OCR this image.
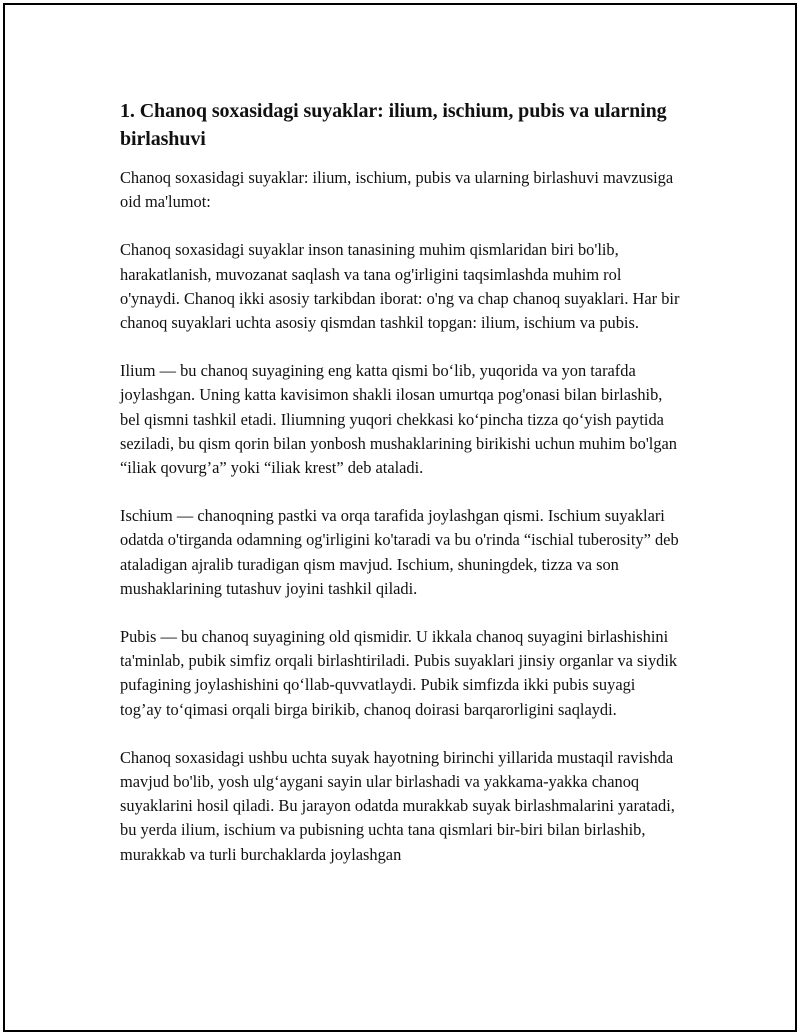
1. Chanoq soxasidagi suyaklar: ilium, ischium, pubis va ularning birlashuvi

Chanoq soxasidagi suyaklar: ilium, ischium, pubis va ularning birlashuvi mavzusiga oid ma'lumot:

Chanoq soxasidagi suyaklar inson tanasining muhim qismlaridan biri bo'lib, harakatlanish, muvozanat saqlash va tana og'irligini taqsimlashda muhim rol o'ynaydi. Chanoq ikki asosiy tarkibdan iborat: o'ng va chap chanoq suyaklari. Har bir chanoq suyaklari uchta asosiy qismdan tashkil topgan: ilium, ischium va pubis.

Ilium — bu chanoq suyagining eng katta qismi bo‘lib, yuqorida va yon tarafda joylashgan. Uning katta kavisimon shakli ilosan umurtqa pog'onasi bilan birlashib, bel qismni tashkil etadi. Iliumning yuqori chekkasi ko‘pincha tizza qo‘yish paytida seziladi, bu qism qorin bilan yonbosh mushaklarining birikishi uchun muhim bo'lgan “iliak qovurg’a” yoki “iliak krest” deb ataladi.

Ischium — chanoqning pastki va orqa tarafida joylashgan qismi. Ischium suyaklari odatda o'tirganda odamning og'irligini ko'taradi va bu o'rinda “ischial tuberosity” deb ataladigan ajralib turadigan qism mavjud. Ischium, shuningdek, tizza va son mushaklarining tutashuv joyini tashkil qiladi.

Pubis — bu chanoq suyagining old qismidir. U ikkala chanoq suyagini birlashishini ta'minlab, pubik simfiz orqali birlashtiriladi. Pubis suyaklari jinsiy organlar va siydik pufagining joylashishini qo‘llab-quvvatlaydi. Pubik simfizda ikki pubis suyagi tog’ay to‘qimasi orqali birga birikib, chanoq doirasi barqarorligini saqlaydi.

Chanoq soxasidagi ushbu uchta suyak hayotning birinchi yillarida mustaqil ravishda mavjud bo'lib, yosh ulg‘aygani sayin ular birlashadi va yakkama-yakka chanoq suyaklarini hosil qiladi. Bu jarayon odatda murakkab suyak birlashmalarini yaratadi, bu yerda ilium, ischium va pubisning uchta tana qismlari bir-biri bilan birlashib, murakkab va turli burchaklarda joylashgan
